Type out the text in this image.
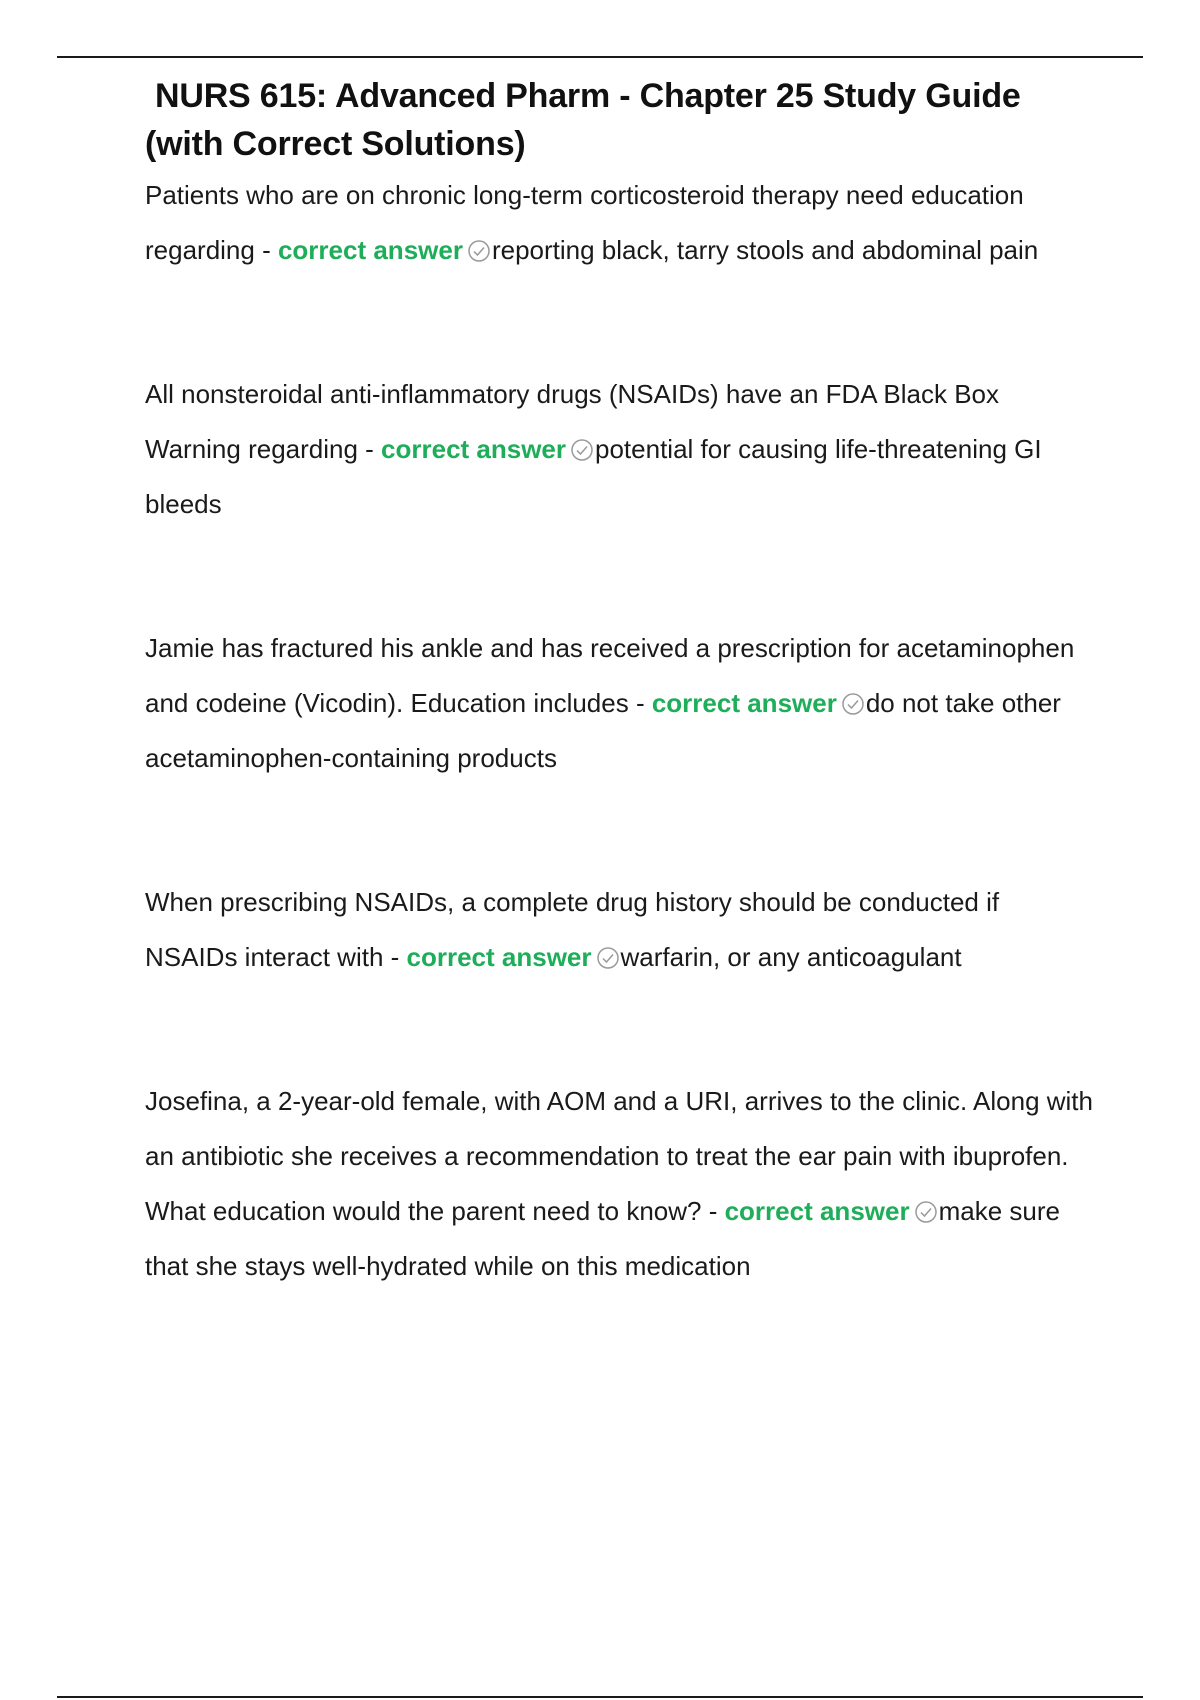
NURS 615: Advanced Pharm - Chapter 25 Study Guide
(with Correct Solutions)

Patients who are on chronic long-term corticosteroid therapy need education regarding - correct answer reporting black, tarry stools and abdominal pain

All nonsteroidal anti-inflammatory drugs (NSAIDs) have an FDA Black Box Warning regarding - correct answer potential for causing life-threatening GI bleeds

Jamie has fractured his ankle and has received a prescription for acetaminophen and codeine (Vicodin). Education includes - correct answer do not take other acetaminophen-containing products

When prescribing NSAIDs, a complete drug history should be conducted if NSAIDs interact with - correct answer warfarin, or any anticoagulant

Josefina, a 2-year-old female, with AOM and a URI, arrives to the clinic. Along with an antibiotic she receives a recommendation to treat the ear pain with ibuprofen. What education would the parent need to know? - correct answer make sure that she stays well-hydrated while on this medication
